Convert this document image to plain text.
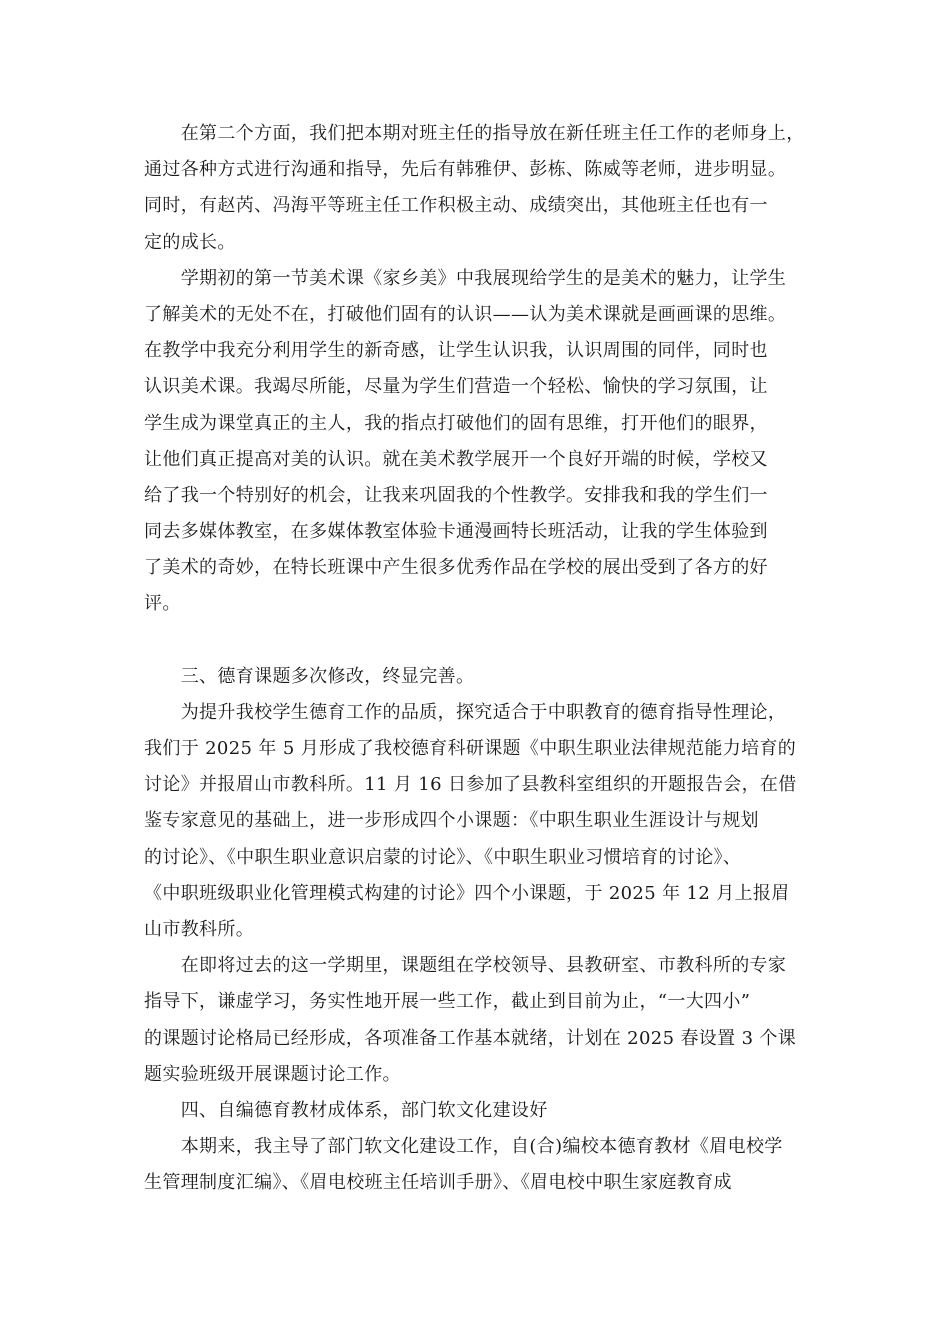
　　在第二个方面，我们把本期对班主任的指导放在新任班主任工作的老师身上，
通过各种方式进行沟通和指导，先后有韩雅伊、彭栋、陈威等老师，进步明显。
同时，有赵芮、冯海平等班主任工作积极主动、成绩突出，其他班主任也有一
定的成长。
　　学期初的第一节美术课《家乡美》中我展现给学生的是美术的魅力，让学生
了解美术的无处不在，打破他们固有的认识——认为美术课就是画画课的思维。
在教学中我充分利用学生的新奇感，让学生认识我，认识周围的同伴，同时也
认识美术课。我竭尽所能，尽量为学生们营造一个轻松、愉快的学习氛围，让
学生成为课堂真正的主人，我的指点打破他们的固有思维，打开他们的眼界，
让他们真正提高对美的认识。就在美术教学展开一个良好开端的时候，学校又
给了我一个特别好的机会，让我来巩固我的个性教学。安排我和我的学生们一
同去多媒体教室，在多媒体教室体验卡通漫画特长班活动，让我的学生体验到
了美术的奇妙，在特长班课中产生很多优秀作品在学校的展出受到了各方的好
评。
　　三、德育课题多次修改，终显完善。
　　为提升我校学生德育工作的品质，探究适合于中职教育的德育指导性理论，
我们于 2025 年 5 月形成了我校德育科研课题《中职生职业法律规范能力培育的
讨论》并报眉山市教科所。11 月 16 日参加了县教科室组织的开题报告会，在借
鉴专家意见的基础上，进一步形成四个小课题：《中职生职业生涯设计与规划
的讨论》、《中职生职业意识启蒙的讨论》、《中职生职业习惯培育的讨论》、
《中职班级职业化管理模式构建的讨论》四个小课题，于 2025 年 12 月上报眉
山市教科所。
　　在即将过去的这一学期里，课题组在学校领导、县教研室、市教科所的专家
指导下，谦虚学习，务实性地开展一些工作，截止到目前为止，“一大四小”
的课题讨论格局已经形成，各项准备工作基本就绪，计划在 2025 春设置 3 个课
题实验班级开展课题讨论工作。
　　四、自编德育教材成体系，部门软文化建设好
　　本期来，我主导了部门软文化建设工作，自(合)编校本德育教材《眉电校学
生管理制度汇编》、《眉电校班主任培训手册》、《眉电校中职生家庭教育成
